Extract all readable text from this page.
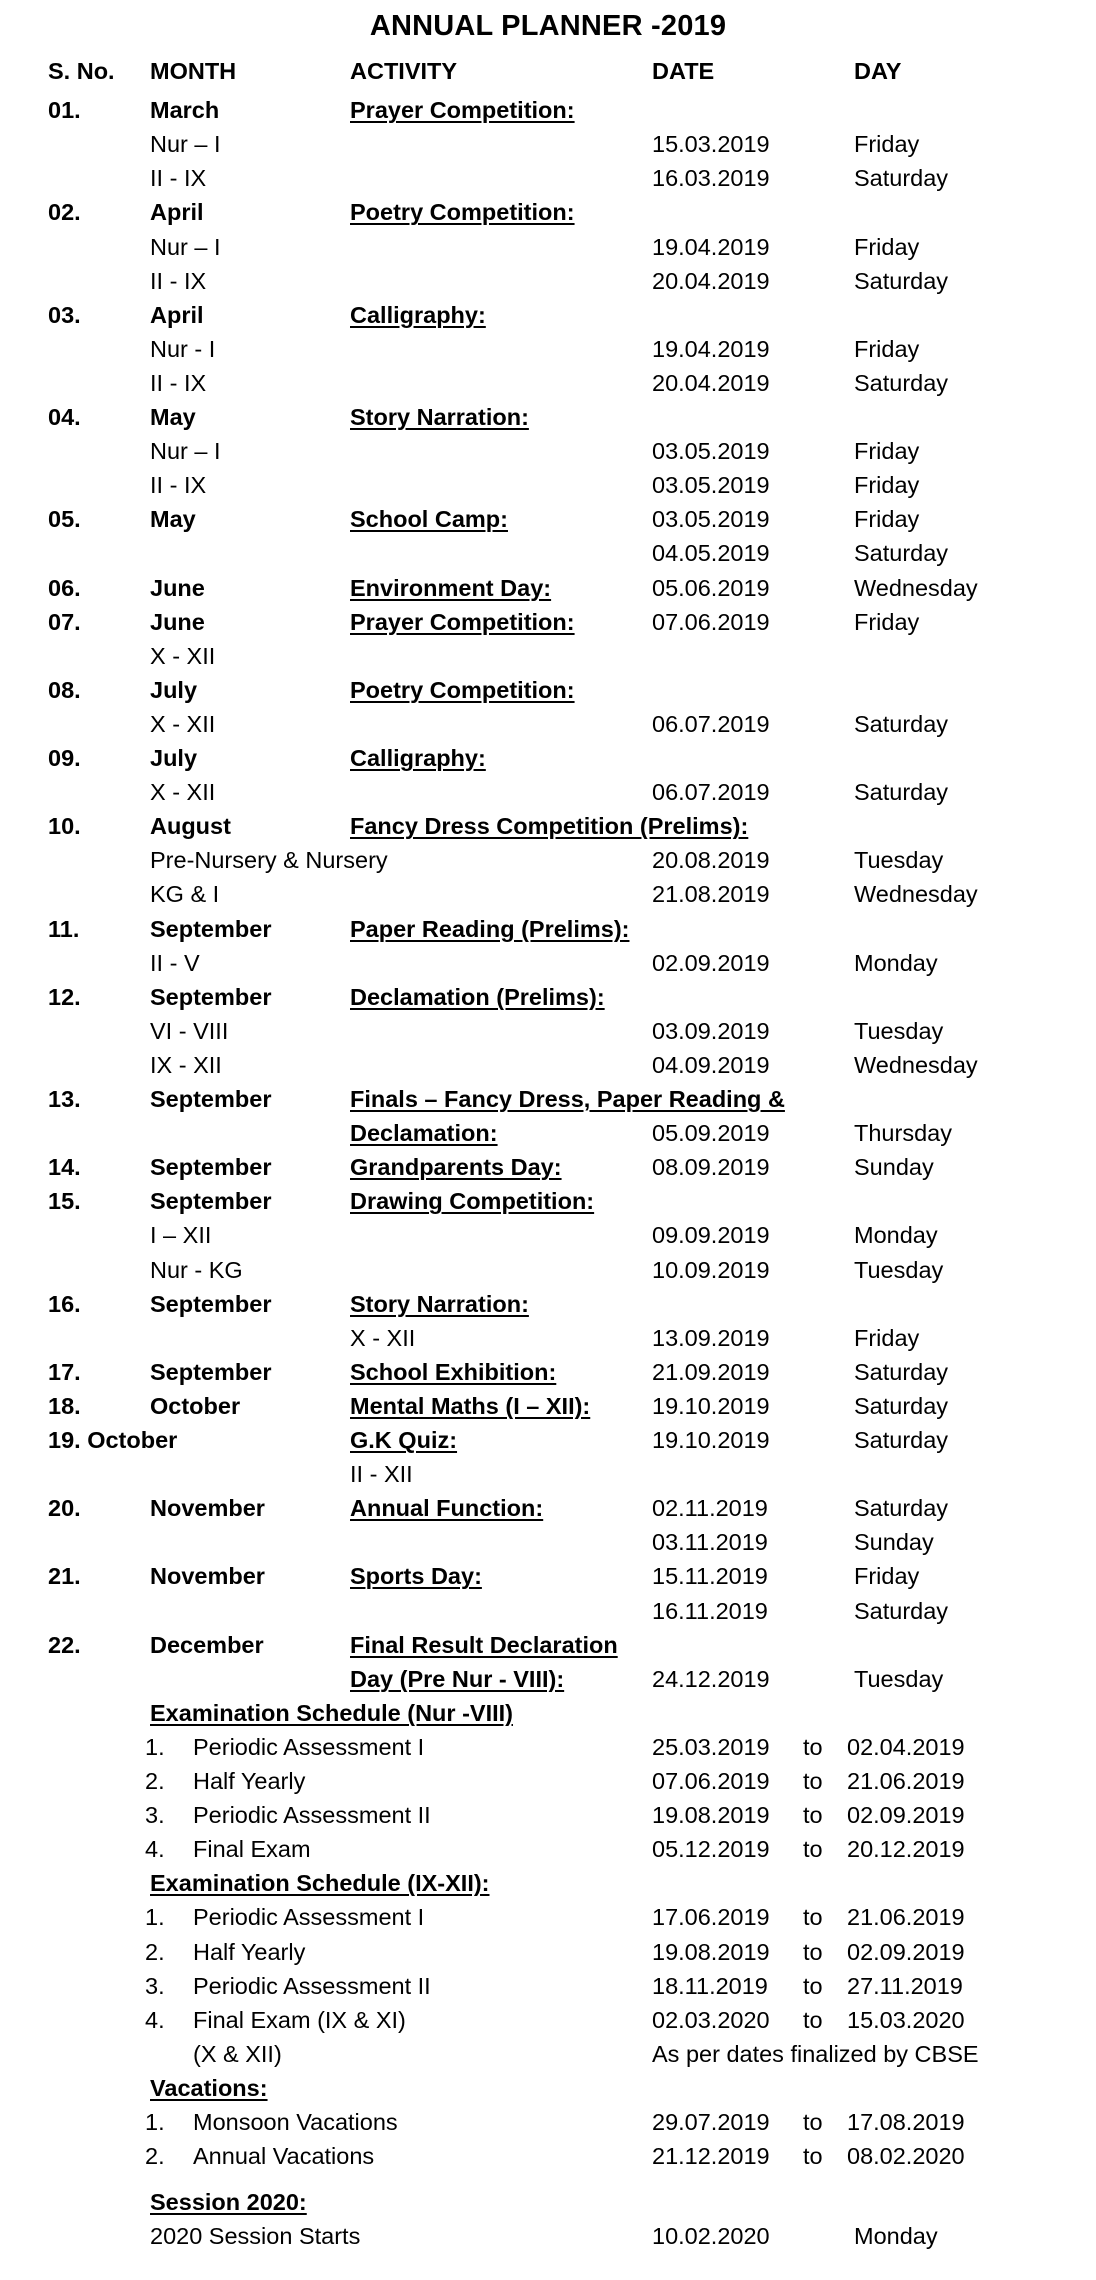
ANNUAL PLANNER -2019
S. No. MONTH	ACTIVITY	DATE	DAY
01.	March	Prayer Competition:
Nur – I	15.03.2019	Friday
II - IX	16.03.2019	Saturday
02.	April	Poetry Competition:
Nur – I	19.04.2019	Friday
II - IX	20.04.2019	Saturday
03.	April	Calligraphy:
Nur - I	19.04.2019	Friday
II - IX	20.04.2019	Saturday
04.	May	Story Narration:
Nur – I	03.05.2019	Friday
II - IX	03.05.2019	Friday
05.	May	School Camp:	03.05.2019	Friday
04.05.2019	Saturday
06.	June	Environment Day:	05.06.2019	Wednesday
07.	June	Prayer Competition:	07.06.2019	Friday
X - XII
08.	July	Poetry Competition:
X - XII	06.07.2019	Saturday
09.	July	Calligraphy:
X - XII	06.07.2019	Saturday
10.	August	Fancy Dress Competition (Prelims):
Pre-Nursery & Nursery	20.08.2019	Tuesday
KG & I	21.08.2019	Wednesday
11.	September	Paper Reading (Prelims):
II - V	02.09.2019	Monday
12.	September	Declamation (Prelims):
VI - VIII	03.09.2019	Tuesday
IX - XII	04.09.2019	Wednesday
13.	September	Finals – Fancy Dress, Paper Reading &
Declamation:	05.09.2019	Thursday
14.	September	Grandparents Day:	08.09.2019	Sunday
15.	September	Drawing Competition:
I – XII	09.09.2019	Monday
Nur - KG	10.09.2019	Tuesday
16.	September	Story Narration:
X - XII	13.09.2019	Friday
17.	September	School Exhibition:	21.09.2019	Saturday
18.	October	Mental Maths (I – XII):	19.10.2019	Saturday
19. October	G.K Quiz:	19.10.2019	Saturday
II - XII
20.	November	Annual Function:	02.11.2019	Saturday
03.11.2019	Sunday
21.	November	Sports Day:	15.11.2019	Friday
16.11.2019	Saturday
22.	December	Final Result Declaration
Day (Pre Nur - VIII):	24.12.2019	Tuesday
Examination Schedule (Nur -VIII)
1. Periodic Assessment I	25.03.2019 to 02.04.2019
2. Half Yearly	07.06.2019 to 21.06.2019
3. Periodic Assessment II	19.08.2019 to 02.09.2019
4. Final Exam	05.12.2019 to 20.12.2019
Examination Schedule (IX-XII):
1. Periodic Assessment I	17.06.2019 to 21.06.2019
2. Half Yearly	19.08.2019 to 02.09.2019
3. Periodic Assessment II	18.11.2019 to 27.11.2019
4. Final Exam (IX & XI)	02.03.2020 to 15.03.2020
(X & XII)	As per dates finalized by CBSE
Vacations:
1. Monsoon Vacations	29.07.2019 to 17.08.2019
2. Annual Vacations	21.12.2019 to 08.02.2020
Session 2020:
2020 Session Starts	10.02.2020	Monday
